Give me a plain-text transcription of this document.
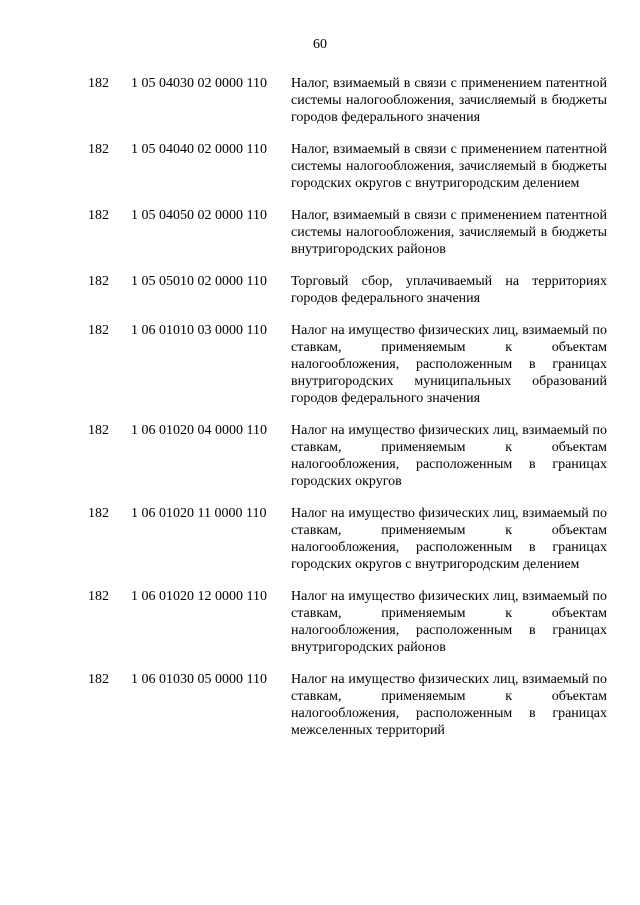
60
182 1 05 04030 02 0000 110 Налог, взимаемый в связи с применением патентной системы налогообложения, зачисляемый в бюджеты городов федерального значения
182 1 05 04040 02 0000 110 Налог, взимаемый в связи с применением патентной системы налогообложения, зачисляемый в бюджеты городских округов с внутригородским делением
182 1 05 04050 02 0000 110 Налог, взимаемый в связи с применением патентной системы налогообложения, зачисляемый в бюджеты внутригородских районов
182 1 05 05010 02 0000 110 Торговый сбор, уплачиваемый на территориях городов федерального значения
182 1 06 01010 03 0000 110 Налог на имущество физических лиц, взимаемый по ставкам, применяемым к объектам налогообложения, расположенным в границах внутригородских муниципальных образований городов федерального значения
182 1 06 01020 04 0000 110 Налог на имущество физических лиц, взимаемый по ставкам, применяемым к объектам налогообложения, расположенным в границах городских округов
182 1 06 01020 11 0000 110 Налог на имущество физических лиц, взимаемый по ставкам, применяемым к объектам налогообложения, расположенным в границах городских округов с внутригородским делением
182 1 06 01020 12 0000 110 Налог на имущество физических лиц, взимаемый по ставкам, применяемым к объектам налогообложения, расположенным в границах внутригородских районов
182 1 06 01030 05 0000 110 Налог на имущество физических лиц, взимаемый по ставкам, применяемым к объектам налогообложения, расположенным в границах межселенных территорий
